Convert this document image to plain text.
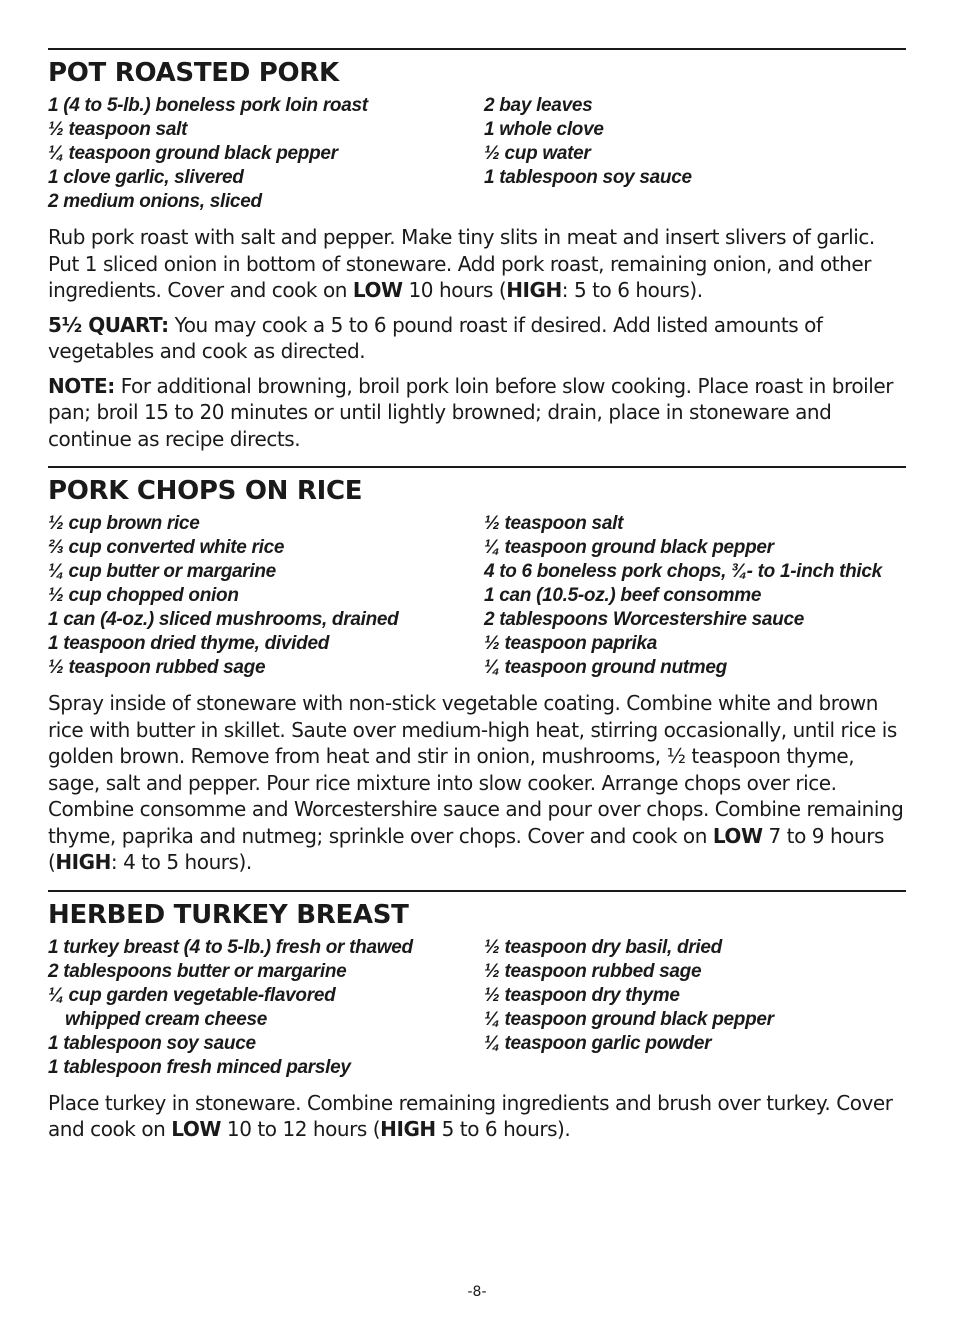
POT ROASTED PORK
1 (4 to 5-lb.) boneless pork loin roast
½ teaspoon salt
¼ teaspoon ground black pepper
1 clove garlic, slivered
2 medium onions, sliced
2 bay leaves
1 whole clove
½ cup water
1 tablespoon soy sauce

Rub pork roast with salt and pepper. Make tiny slits in meat and insert slivers of garlic. Put 1 sliced onion in bottom of stoneware. Add pork roast, remaining onion, and other ingredients. Cover and cook on LOW 10 hours (HIGH: 5 to 6 hours).

5½ QUART: You may cook a 5 to 6 pound roast if desired. Add listed amounts of vegetables and cook as directed.

NOTE: For additional browning, broil pork loin before slow cooking. Place roast in broiler pan; broil 15 to 20 minutes or until lightly browned; drain, place in stoneware and continue as recipe directs.

PORK CHOPS ON RICE
½ cup brown rice
⅔ cup converted white rice
¼ cup butter or margarine
½ cup chopped onion
1 can (4-oz.) sliced mushrooms, drained
1 teaspoon dried thyme, divided
½ teaspoon rubbed sage
½ teaspoon salt
¼ teaspoon ground black pepper
4 to 6 boneless pork chops, ¾- to 1-inch thick
1 can (10.5-oz.) beef consomme
2 tablespoons Worcestershire sauce
½ teaspoon paprika
¼ teaspoon ground nutmeg

Spray inside of stoneware with non-stick vegetable coating. Combine white and brown rice with butter in skillet. Saute over medium-high heat, stirring occasionally, until rice is golden brown. Remove from heat and stir in onion, mushrooms, ½ teaspoon thyme, sage, salt and pepper. Pour rice mixture into slow cooker. Arrange chops over rice. Combine consomme and Worcestershire sauce and pour over chops. Combine remaining thyme, paprika and nutmeg; sprinkle over chops. Cover and cook on LOW 7 to 9 hours (HIGH: 4 to 5 hours).

HERBED TURKEY BREAST
1 turkey breast (4 to 5-lb.) fresh or thawed
2 tablespoons butter or margarine
¼ cup garden vegetable-flavored
whipped cream cheese
1 tablespoon soy sauce
1 tablespoon fresh minced parsley
½ teaspoon dry basil, dried
½ teaspoon rubbed sage
½ teaspoon dry thyme
¼ teaspoon ground black pepper
¼ teaspoon garlic powder

Place turkey in stoneware. Combine remaining ingredients and brush over turkey. Cover and cook on LOW 10 to 12 hours (HIGH 5 to 6 hours).

-8-
